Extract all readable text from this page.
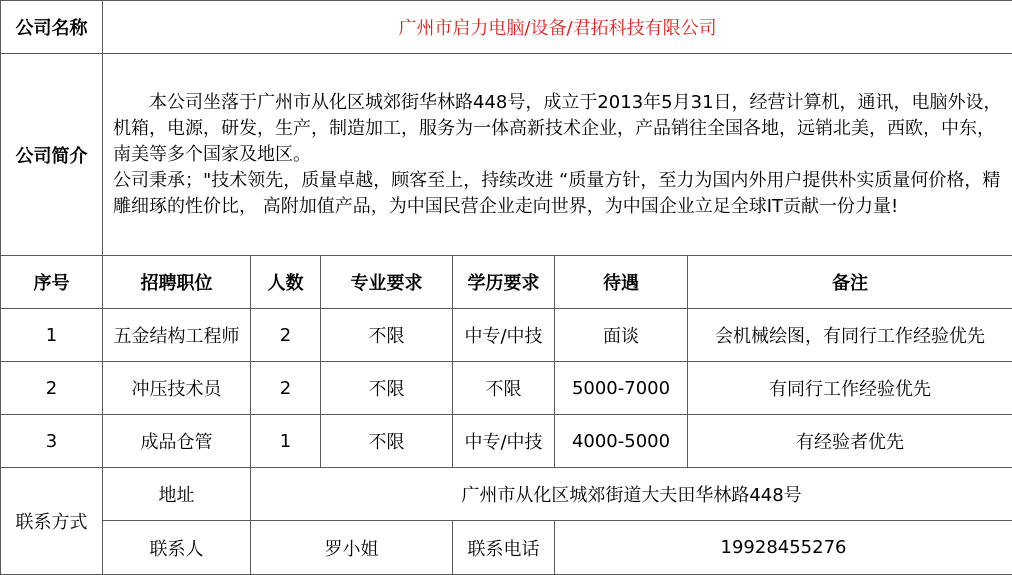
公司名称	广州市启力电脑/设备/君拓科技有限公司					
公司简介	本公司坐落于广州市从化区城郊街华林路448号，成立于2013年5月31日，经营计算机，通讯，电脑外设，机箱，电源，研发，生产，制造加工，服务为一体高新技术企业，产品销往全国各地，远销北美，西欧，中东，南美等多个国家及地区。
公司秉承；"技术领先，质量卓越，顾客至上，持续改进 “质量方针，至力为国内外用户提供朴实质量何价格，精雕细琢的性价比， 高附加值产品，为中国民营企业走向世界，为中国企业立足全球IT贡献一份力量!					

序号	招聘职位	人数	专业要求	学历要求	待遇	备注
1	五金结构工程师	2	不限	中专/中技	面谈	会机械绘图，有同行工作经验优先
2	冲压技术员	2	不限	不限	5000-7000	有同行工作经验优先
3	成品仓管	1	不限	中专/中技	4000-5000	有经验者优先
联系方式	地址	广州市从化区城郊街道大夫田华林路448号				
	联系人	罗小姐		联系电话	19928455276	
